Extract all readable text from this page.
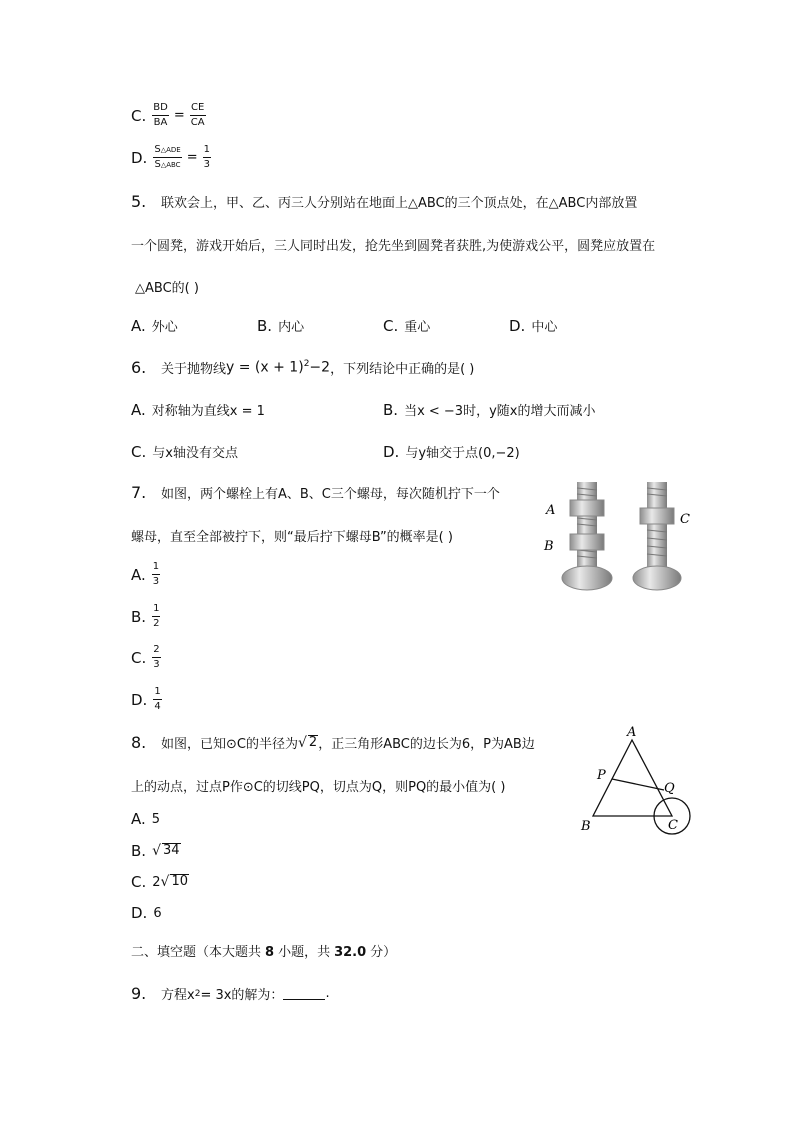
C. $\frac{BD}{BA} = \frac{CE}{CA}$
D. $\frac{\text{S△ADE}}{\text{S△ABC}} = \frac{1}{3}$
5.	联欢会上，甲、乙、丙三人分别站在地面上△ABC的三个顶点处，在△ABC内部放置
一个圆凳，游戏开始后，三人同时出发，抢先坐到圆凳者获胜,为使游戏公平，圆凳应放置在
△ABC的( )
A. 外心	B. 内心	C. 重心	D. 中心
6.	关于抛物线 $y = (x + 1)^2-2$ ，下列结论中正确的是( )
A. 对称轴为直线x = 1	B. 当x < −3时，y随x的增大而减小
C. 与x轴没有交点	D. 与y轴交于点(0,−2)
7.	如图，两个螺栓上有A、B、C三个螺母，每次随机拧下一个
螺母，直至全部被拧下，则“最后拧下螺母B”的概率是( )
A
B
C
A. $\frac{1}{3}$
B. $\frac{1}{2}$
C. $\frac{2}{3}$
D. $\frac{1}{4}$
8.	如图，已知⊙C的半径为 √ 2 ，正三角形ABC的边长为6，P为AB边
上的动点，过点P作⊙C的切线PQ，切点为Q，则PQ的最小值为( )
A
B	C
P
Q
A. 5
B. √ 34
C. 2 √ 10
D. 6
二、填空题（本大题共 8 小题，共 32.0 分）
9.	方程x 2 = 3x的解为：	.
